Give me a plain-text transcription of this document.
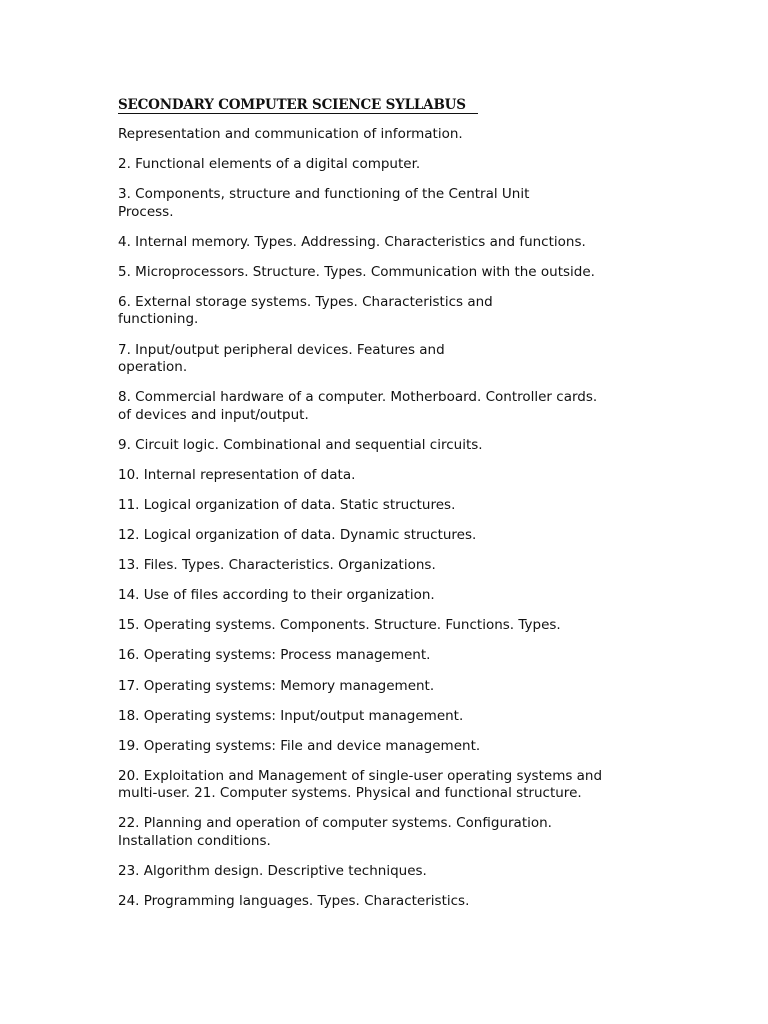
SECONDARY COMPUTER SCIENCE SYLLABUS
Representation and communication of information.
2. Functional elements of a digital computer.
3. Components, structure and functioning of the Central Unit
Process.
4. Internal memory. Types. Addressing. Characteristics and functions.
5. Microprocessors. Structure. Types. Communication with the outside.
6. External storage systems. Types. Characteristics and
functioning.
7. Input/output peripheral devices. Features and
operation.
8. Commercial hardware of a computer. Motherboard. Controller cards.
of devices and input/output.
9. Circuit logic. Combinational and sequential circuits.
10. Internal representation of data.
11. Logical organization of data. Static structures.
12. Logical organization of data. Dynamic structures.
13. Files. Types. Characteristics. Organizations.
14. Use of files according to their organization.
15. Operating systems. Components. Structure. Functions. Types.
16. Operating systems: Process management.
17. Operating systems: Memory management.
18. Operating systems: Input/output management.
19. Operating systems: File and device management.
20. Exploitation and Management of single-user operating systems and
multi-user. 21. Computer systems. Physical and functional structure.
22. Planning and operation of computer systems. Configuration.
Installation conditions.
23. Algorithm design. Descriptive techniques.
24. Programming languages. Types. Characteristics.
